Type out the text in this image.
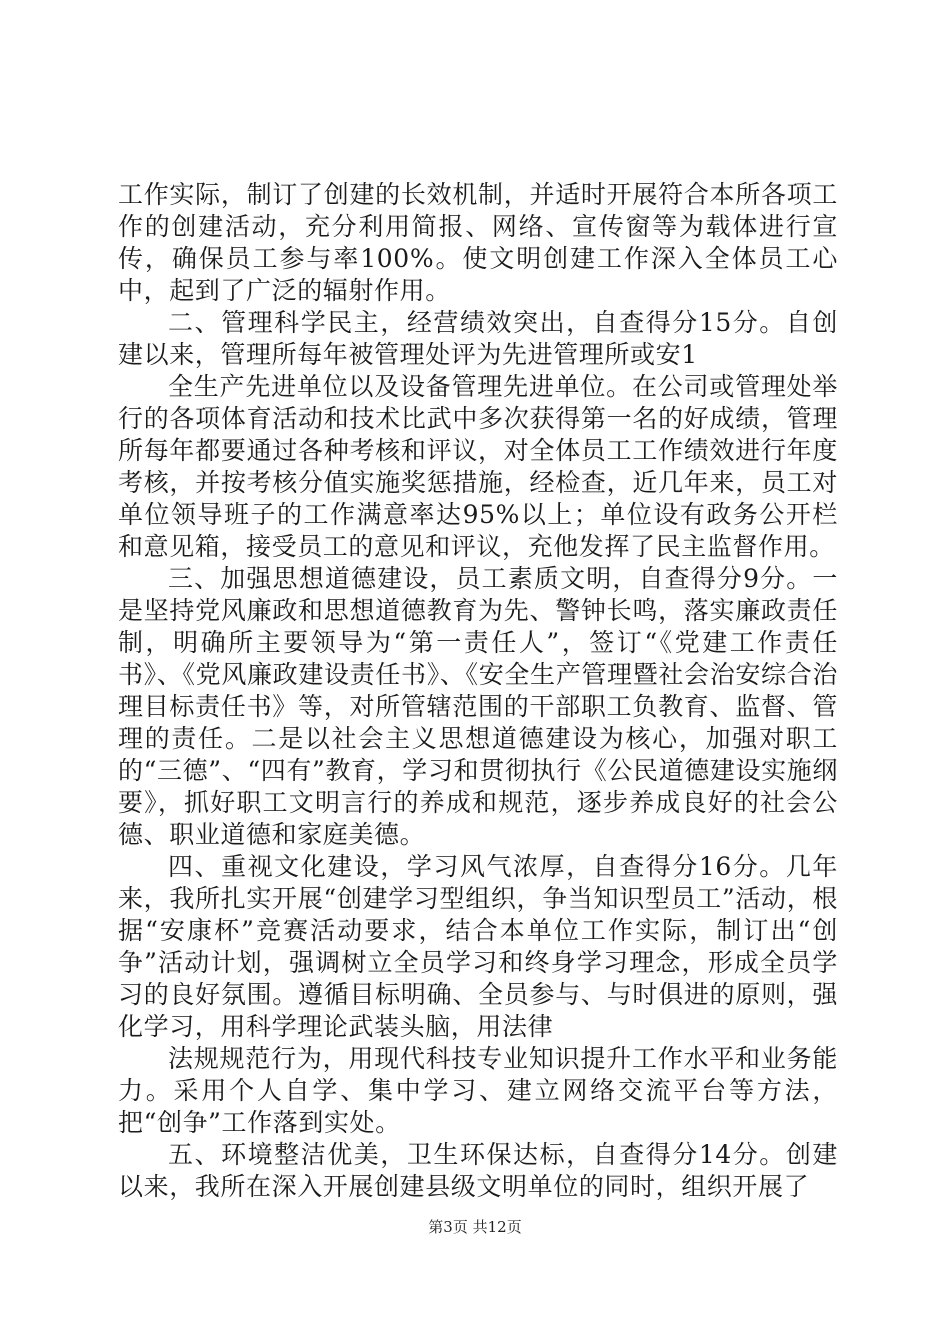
工作实际，制订了创建的长效机制，并适时开展符合本所各项工作的创建活动，充分利用简报、网络、宣传窗等为载体进行宣传，确保员工参与率100%。使文明创建工作深入全体员工心中，起到了广泛的辐射作用。

二、管理科学民主，经营绩效突出，自查得分15分。自创建以来，管理所每年被管理处评为先进管理所或安1

全生产先进单位以及设备管理先进单位。在公司或管理处举行的各项体育活动和技术比武中多次获得第一名的好成绩，管理所每年都要通过各种考核和评议，对全体员工工作绩效进行年度考核，并按考核分值实施奖惩措施，经检查，近几年来，员工对单位领导班子的工作满意率达95%以上；单位设有政务公开栏和意见箱，接受员工的意见和评议，充他发挥了民主监督作用。

三、加强思想道德建设，员工素质文明，自查得分9分。一是坚持党风廉政和思想道德教育为先、警钟长鸣，落实廉政责任制，明确所主要领导为“第一责任人”，签订“《党建工作责任书》、《党风廉政建设责任书》、《安全生产管理暨社会治安综合治理目标责任书》等，对所管辖范围的干部职工负教育、监督、管理的责任。二是以社会主义思想道德建设为核心，加强对职工的“三德”、“四有”教育，学习和贯彻执行《公民道德建设实施纲要》，抓好职工文明言行的养成和规范，逐步养成良好的社会公德、职业道德和家庭美德。

四、重视文化建设，学习风气浓厚，自查得分16分。几年来，我所扎实开展“创建学习型组织，争当知识型员工”活动，根据“安康杯”竞赛活动要求，结合本单位工作实际，制订出“创争”活动计划，强调树立全员学习和终身学习理念，形成全员学习的良好氛围。遵循目标明确、全员参与、与时俱进的原则，强化学习，用科学理论武装头脑，用法律

法规规范行为，用现代科技专业知识提升工作水平和业务能力。采用个人自学、集中学习、建立网络交流平台等方法，把“创争”工作落到实处。

五、环境整洁优美，卫生环保达标，自查得分14分。创建以来，我所在深入开展创建县级文明单位的同时，组织开展了

第3页 共12页
